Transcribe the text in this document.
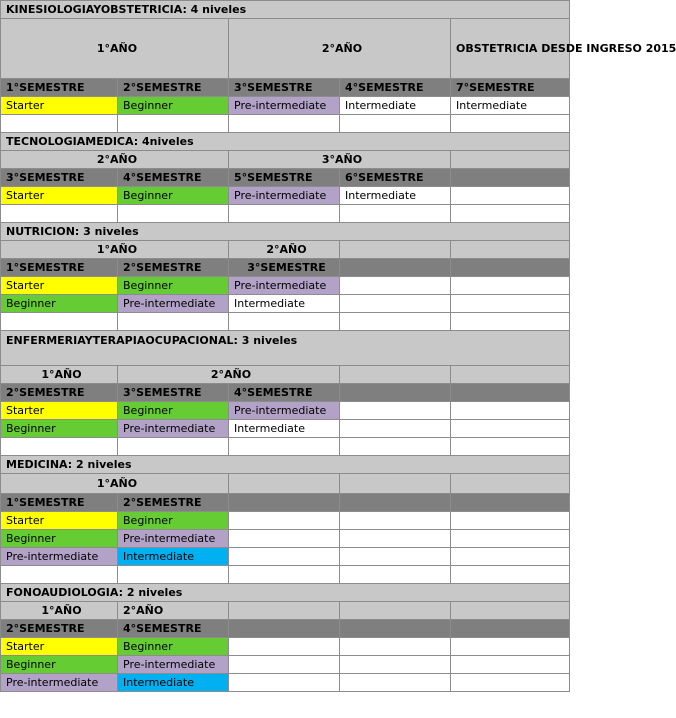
KINESIOLOGIAYOBSTETRICIA: 4 niveles				
1°AÑO		2°AÑO		OBSTETRICIA DESDE INGRESO 2015
1°SEMESTRE	2°SEMESTRE	3°SEMESTRE	4°SEMESTRE	7°SEMESTRE
Starter	Beginner	Pre-intermediate	Intermediate	Intermediate

TECNOLOGIAMEDICA: 4niveles				
2°AÑO		3°AÑO		
3°SEMESTRE	4°SEMESTRE	5°SEMESTRE	6°SEMESTRE	
Starter	Beginner	Pre-intermediate	Intermediate	

NUTRICION: 3 niveles				
1°AÑO		2°AÑO		
1°SEMESTRE	2°SEMESTRE	3°SEMESTRE		
Starter	Beginner	Pre-intermediate		
Beginner	Pre-intermediate	Intermediate		

ENFERMERIAYTERAPIAOCUPACIONAL: 3 niveles				
1°AÑO	2°AÑO			
2°SEMESTRE	3°SEMESTRE	4°SEMESTRE		
Starter	Beginner	Pre-intermediate		
Beginner	Pre-intermediate	Intermediate		

MEDICINA: 2 niveles				
1°AÑO				
1°SEMESTRE	2°SEMESTRE			
Starter	Beginner			
Beginner	Pre-intermediate			
Pre-intermediate	Intermediate			

FONOAUDIOLOGIA: 2 niveles				
1°AÑO	2°AÑO			
2°SEMESTRE	4°SEMESTRE			
Starter	Beginner			
Beginner	Pre-intermediate			
Pre-intermediate	Intermediate			
